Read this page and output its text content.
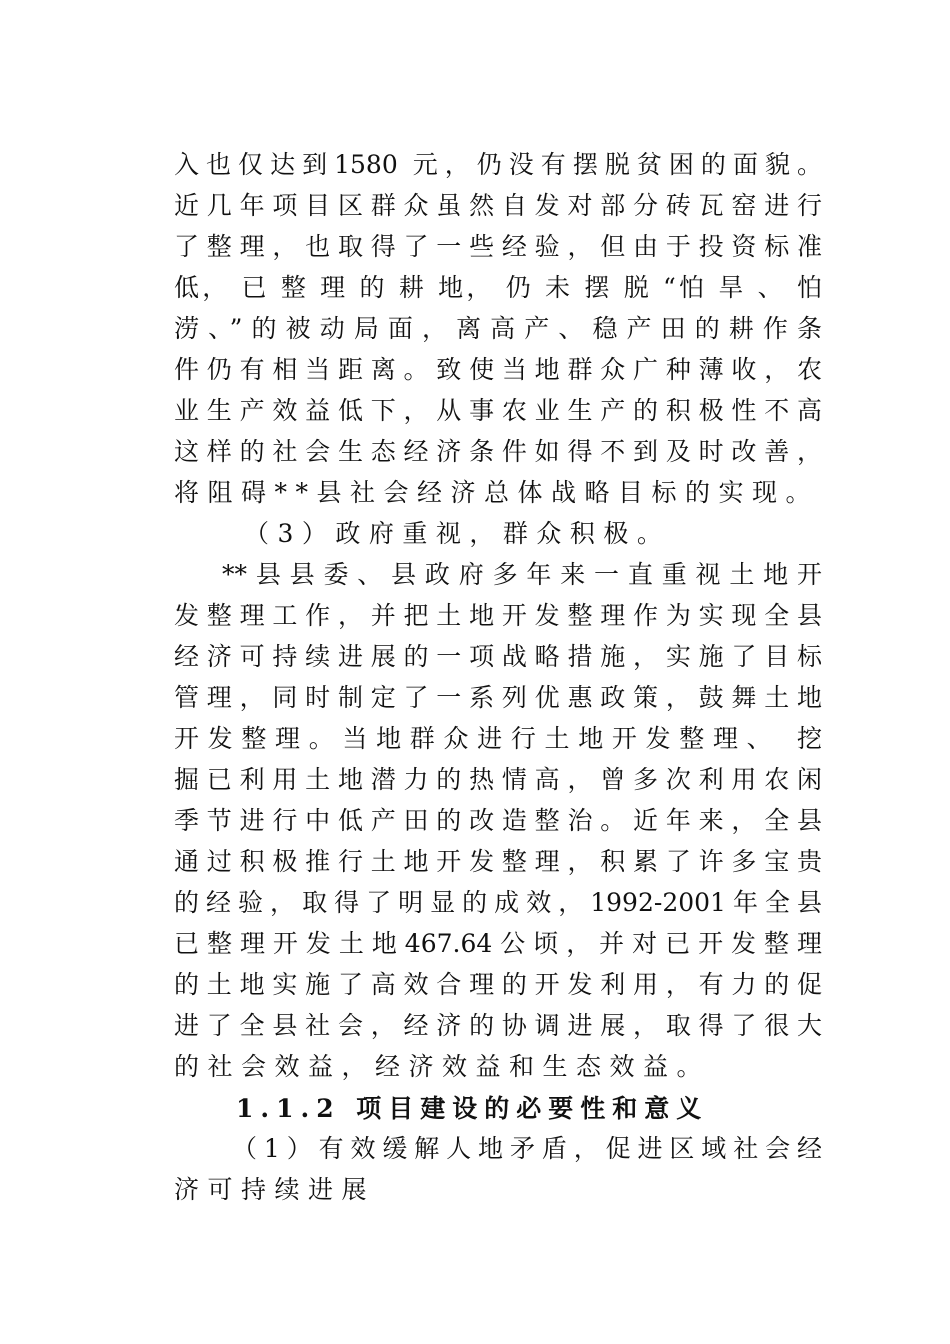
入也仅达到1580 元，仍没有摆脱贫困的面貌。
近几年项目区群众虽然自发对部分砖瓦窑进行
了整理，也取得了一些经验，但由于投资标准
低， 已 整 理 的 耕 地， 仍 未 摆 脱 “怕 旱 、 怕
涝、”的被动局面，离高产、稳产田的耕作条
件仍有相当距离。致使当地群众广种薄收，农
业生产效益低下，从事农业生产的积极性不高
这样的社会生态经济条件如得不到及时改善，
将阻碍**县社会经济总体战略目标的实现。
（3）政府重视，群众积极。
**县县委、县政府多年来一直重视土地开
发整理工作，并把土地开发整理作为实现全县
经济可持续进展的一项战略措施，实施了目标
管理，同时制定了一系列优惠政策，鼓舞土地
开发整理。当地群众进行土地开发整理、 挖
掘已利用土地潜力的热情高，曾多次利用农闲
季节进行中低产田的改造整治。近年来，全县
通过积极推行土地开发整理，积累了许多宝贵
的经验，取得了明显的成效，1992-2001年全县
已整理开发土地467.64公顷，并对已开发整理
的土地实施了高效合理的开发利用，有力的促
进了全县社会，经济的协调进展，取得了很大
的社会效益，经济效益和生态效益。
1.1.2 项目建设的必要性和意义
（1）有效缓解人地矛盾，促进区域社会经
济可持续进展
